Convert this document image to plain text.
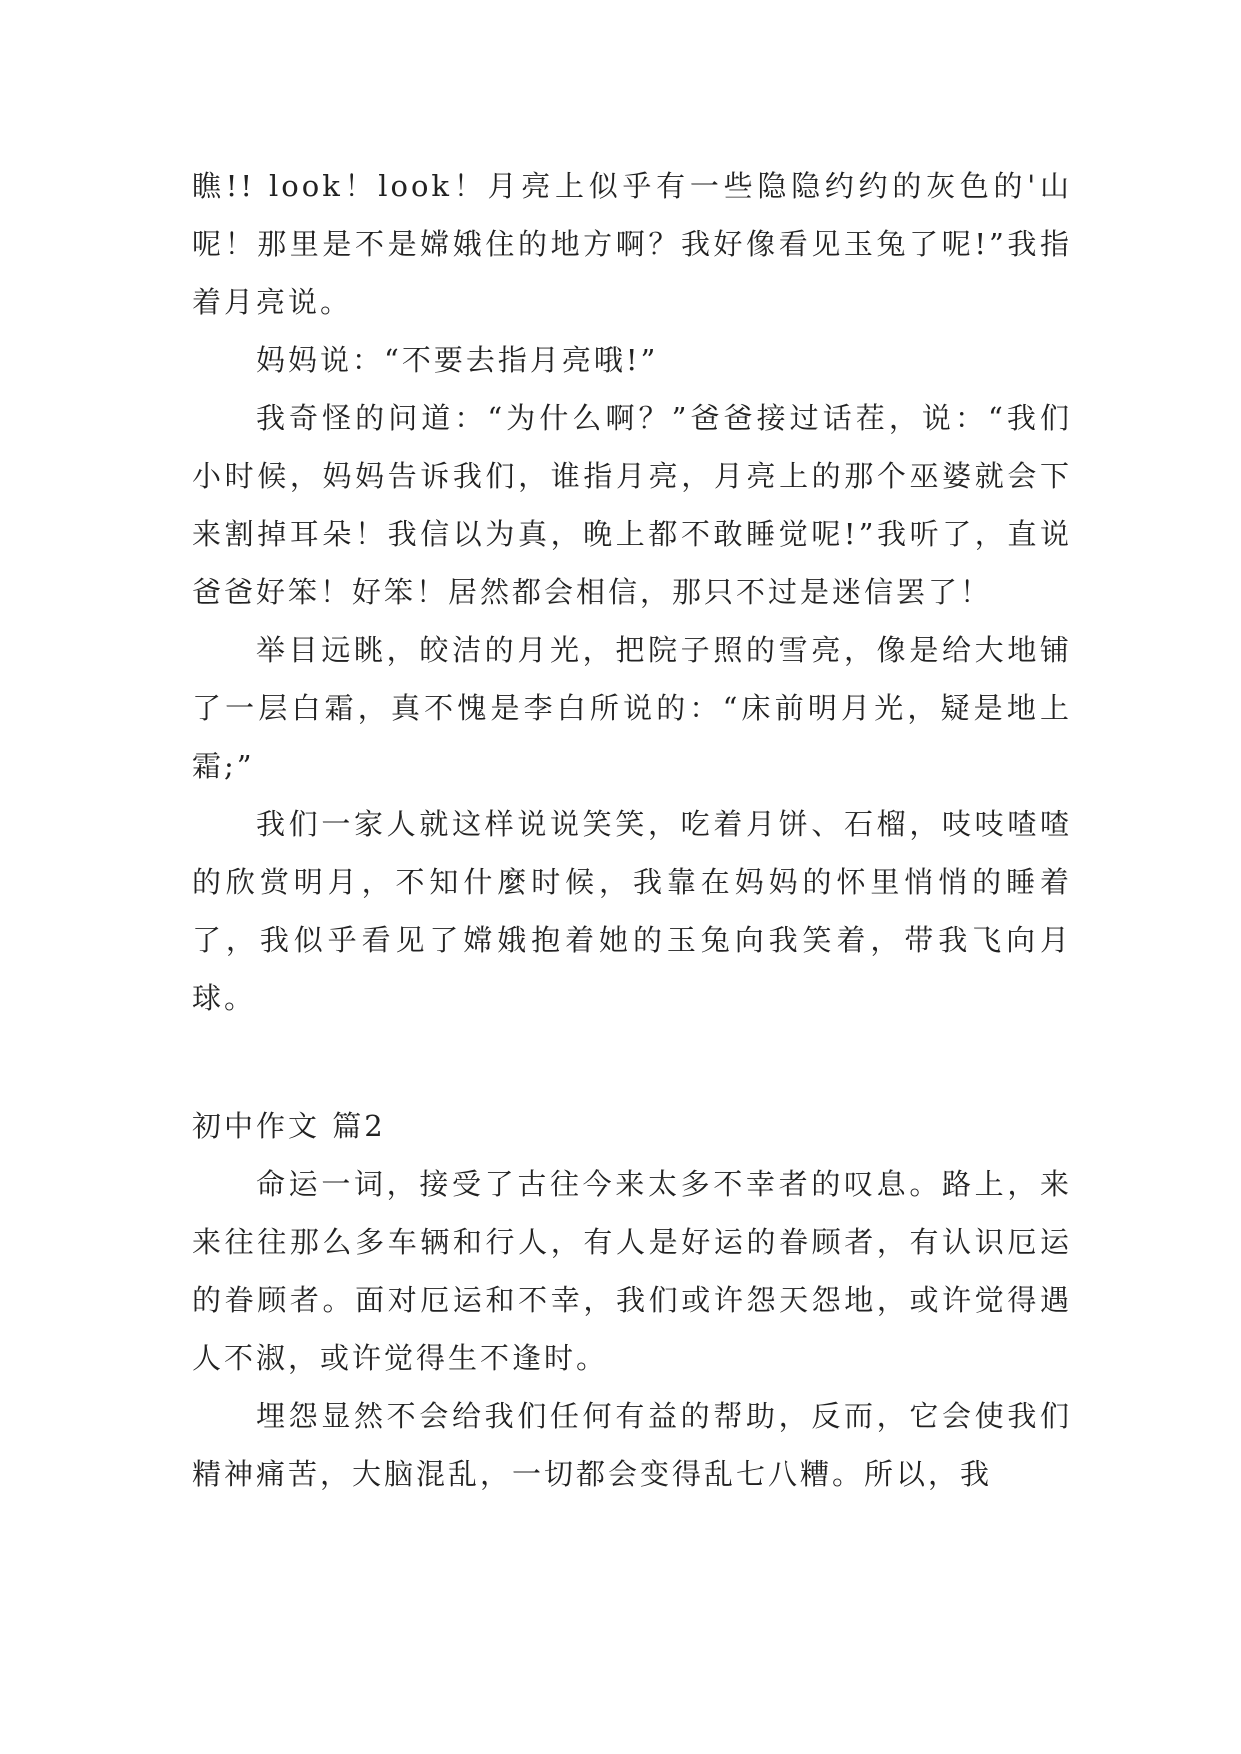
瞧!! look！look！月亮上似乎有一些隐隐约约的灰色的'山呢！那里是不是嫦娥住的地方啊？我好像看见玉兔了呢!”我指着月亮说。

妈妈说：“不要去指月亮哦!”

我奇怪的问道：“为什么啊？”爸爸接过话茬，说：“我们小时候，妈妈告诉我们，谁指月亮，月亮上的那个巫婆就会下来割掉耳朵！我信以为真，晚上都不敢睡觉呢!”我听了，直说爸爸好笨！好笨！居然都会相信，那只不过是迷信罢了！

举目远眺，皎洁的月光，把院子照的雪亮，像是给大地铺了一层白霜，真不愧是李白所说的：“床前明月光，疑是地上霜;”

我们一家人就这样说说笑笑，吃着月饼、石榴，吱吱喳喳的欣赏明月，不知什麼时候，我靠在妈妈的怀里悄悄的睡着了，我似乎看见了嫦娥抱着她的玉兔向我笑着，带我飞向月球。

初中作文 篇2

命运一词，接受了古往今来太多不幸者的叹息。路上，来来往往那么多车辆和行人，有人是好运的眷顾者，有认识厄运的眷顾者。面对厄运和不幸，我们或许怨天怨地，或许觉得遇人不淑，或许觉得生不逢时。

埋怨显然不会给我们任何有益的帮助，反而，它会使我们精神痛苦，大脑混乱，一切都会变得乱七八糟。所以，我
